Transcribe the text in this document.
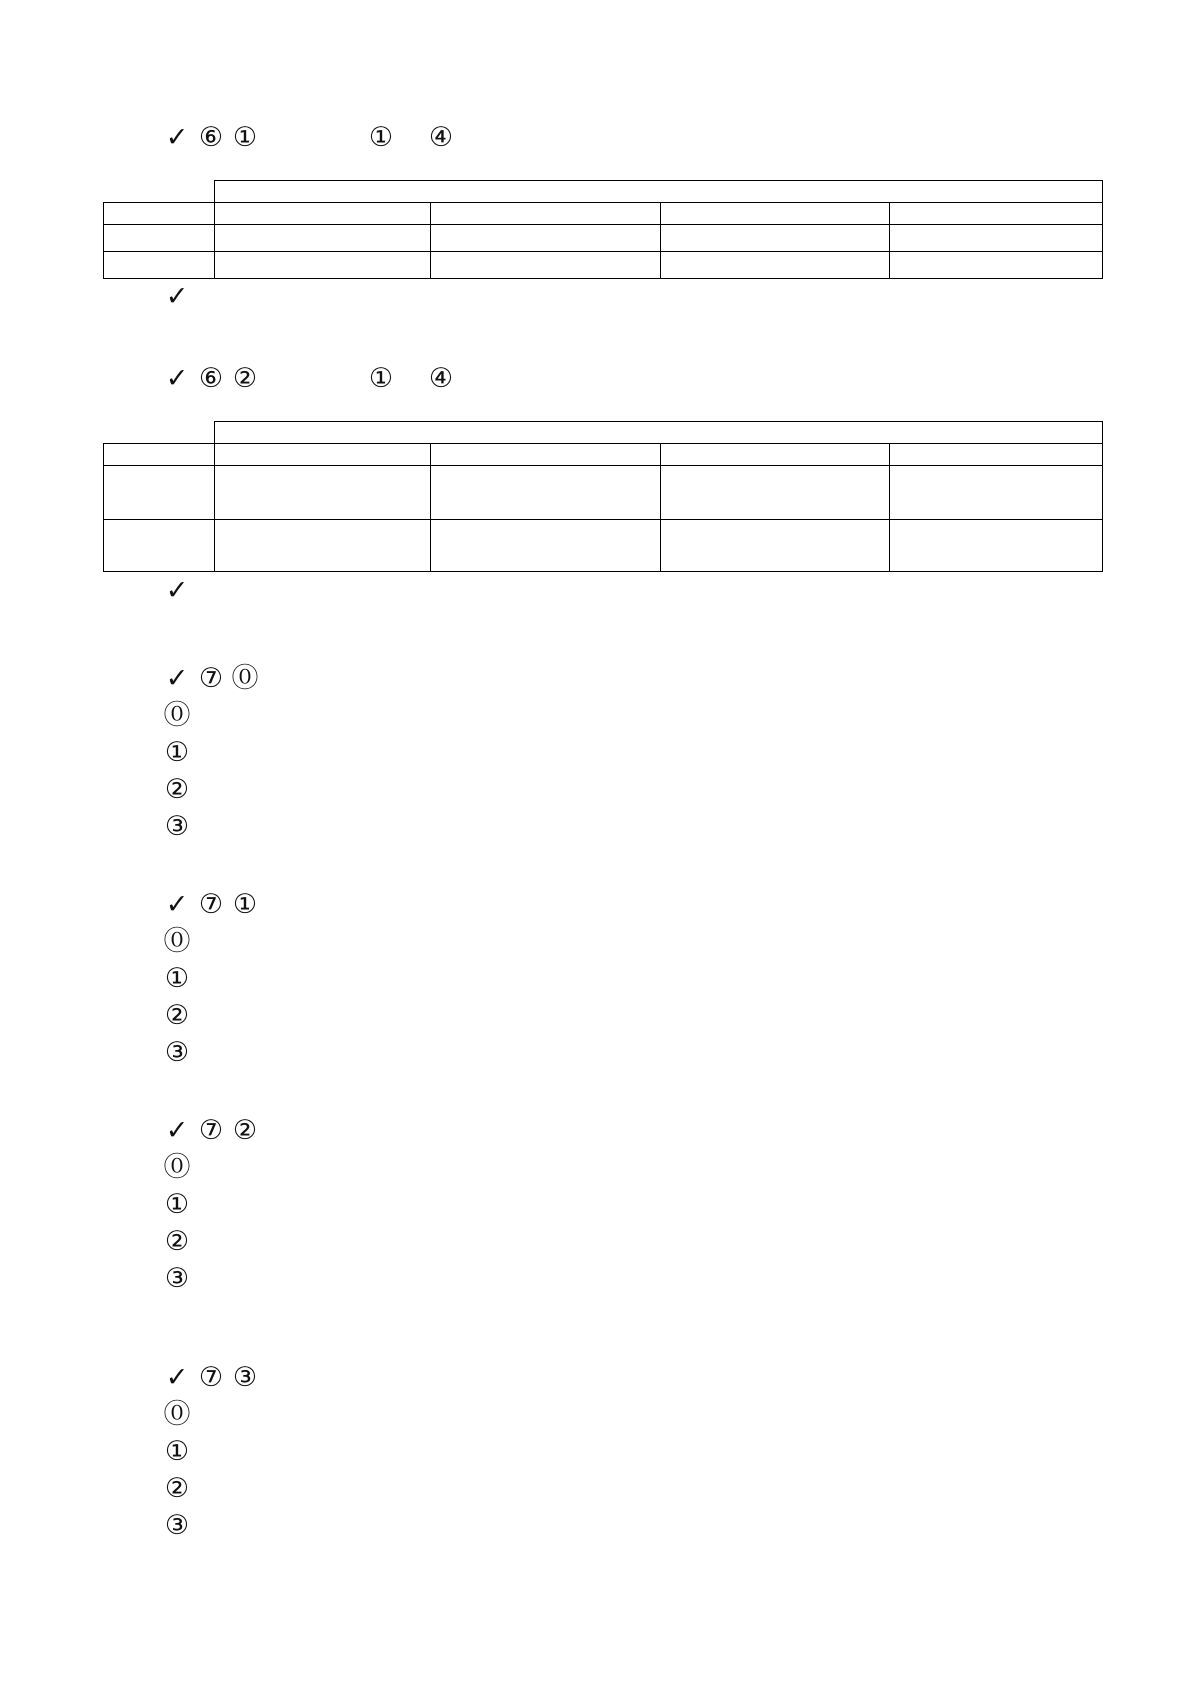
✓ ⑥ ①	① ④

✓
✓ ⑥ ②	① ④

✓
✓ ⑦ ⓪
⓪
①
②
③
✓ ⑦ ①
⓪
①
②
③
✓ ⑦ ②
⓪
①
②
③
✓ ⑦ ③
⓪
①
②
③
